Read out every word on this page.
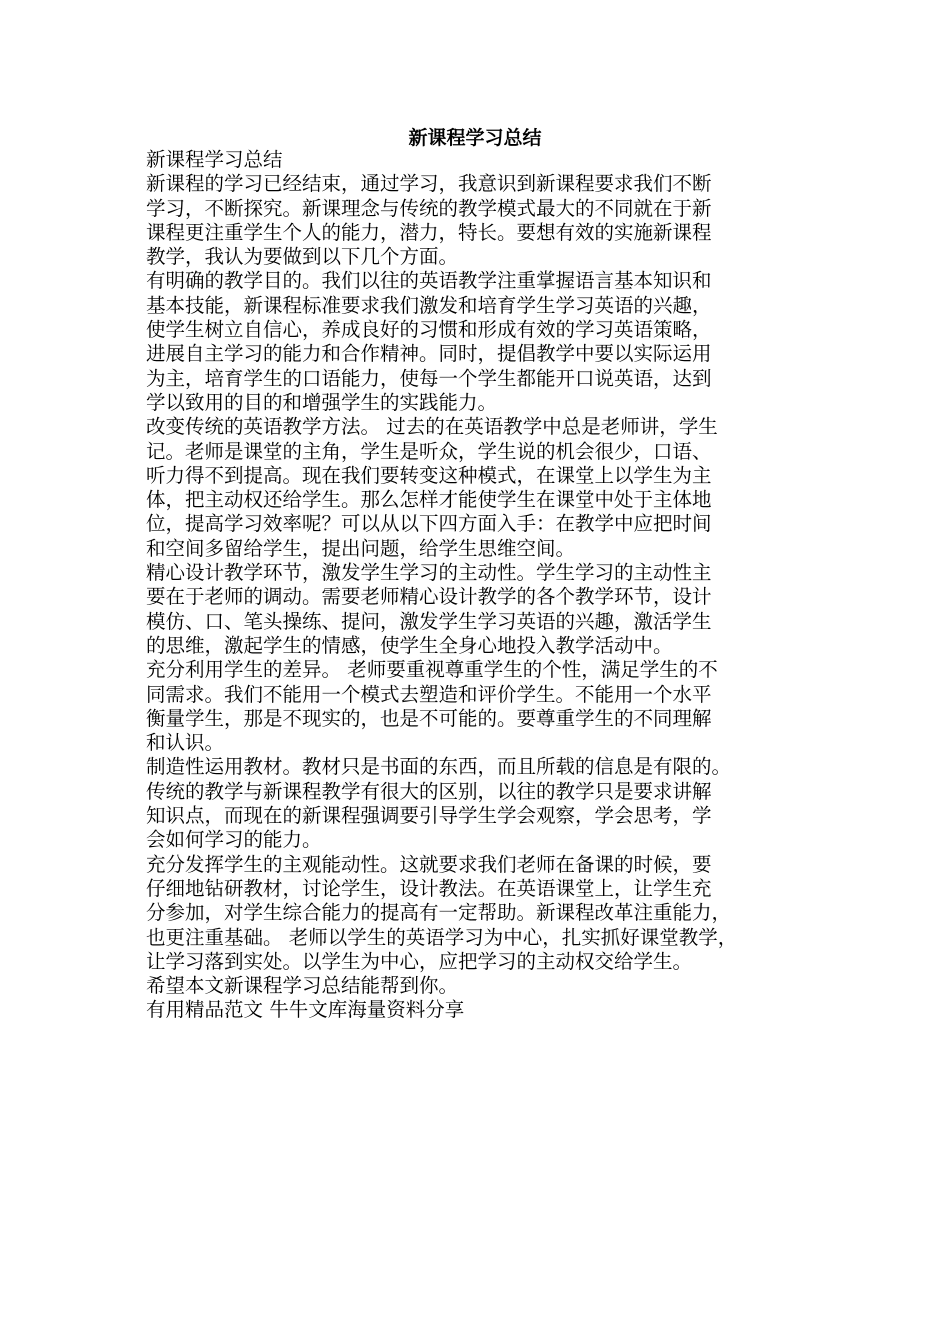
新课程学习总结
新课程学习总结
新课程的学习已经结束，通过学习，我意识到新课程要求我们不断
学习，不断探究。新课理念与传统的教学模式最大的不同就在于新
课程更注重学生个人的能力，潜力，特长。要想有效的实施新课程
教学，我认为要做到以下几个方面。
有明确的教学目的。我们以往的英语教学注重掌握语言基本知识和
基本技能，新课程标准要求我们激发和培育学生学习英语的兴趣，
使学生树立自信心，养成良好的习惯和形成有效的学习英语策略，
进展自主学习的能力和合作精神。同时，提倡教学中要以实际运用
为主，培育学生的口语能力，使每一个学生都能开口说英语，达到
学以致用的目的和增强学生的实践能力。
改变传统的英语教学方法。 过去的在英语教学中总是老师讲，学生
记。老师是课堂的主角，学生是听众，学生说的机会很少，口语、
听力得不到提高。现在我们要转变这种模式，在课堂上以学生为主
体，把主动权还给学生。那么怎样才能使学生在课堂中处于主体地
位，提高学习效率呢？可以从以下四方面入手：在教学中应把时间
和空间多留给学生，提出问题，给学生思维空间。
精心设计教学环节，激发学生学习的主动性。学生学习的主动性主
要在于老师的调动。需要老师精心设计教学的各个教学环节，设计
模仿、口、笔头操练、提问，激发学生学习英语的兴趣，激活学生
的思维，激起学生的情感，使学生全身心地投入教学活动中。
充分利用学生的差异。 老师要重视尊重学生的个性，满足学生的不
同需求。我们不能用一个模式去塑造和评价学生。不能用一个水平
衡量学生，那是不现实的，也是不可能的。要尊重学生的不同理解
和认识。
制造性运用教材。教材只是书面的东西，而且所载的信息是有限的。
传统的教学与新课程教学有很大的区别，以往的教学只是要求讲解
知识点，而现在的新课程强调要引导学生学会观察，学会思考，学
会如何学习的能力。
充分发挥学生的主观能动性。这就要求我们老师在备课的时候，要
仔细地钻研教材，讨论学生，设计教法。在英语课堂上，让学生充
分参加，对学生综合能力的提高有一定帮助。新课程改革注重能力，
也更注重基础。 老师以学生的英语学习为中心，扎实抓好课堂教学，
让学习落到实处。以学生为中心，应把学习的主动权交给学生。
希望本文新课程学习总结能帮到你。
有用精品范文 牛牛文库海量资料分享
